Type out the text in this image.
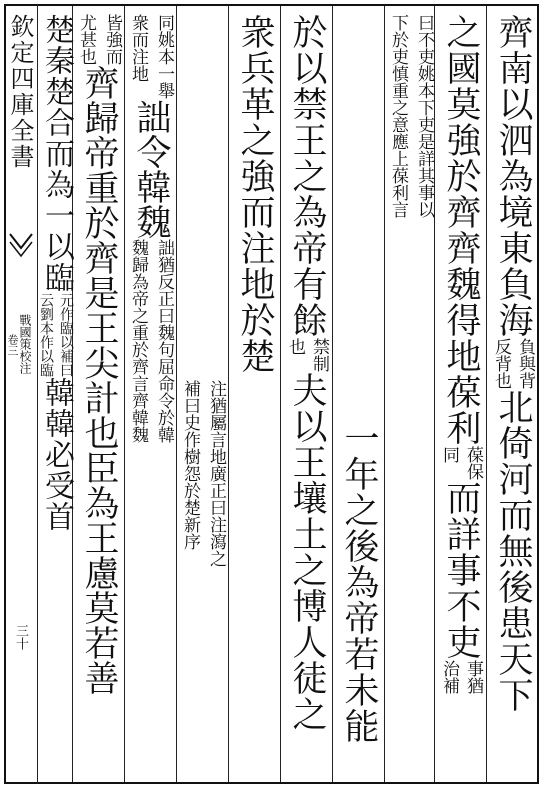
齊南以泗為境東負海
負與背
反背也
北倚河而無後患天下
之國莫強於齊齊魏得地葆利
葆保
同
而詳事不吏
事猶
治補
曰不吏姚本下吏是詳其事以
下於吏慎重之意應上葆利言
一年之後為帝若未能
於以禁王之為帝有餘
禁制
也
夫以王壤土之博人徒之
衆兵革之強而注地於楚
注猶屬言地廣正曰注瀉之
補曰史作樹怨於楚新序
同姚本一舉
衆而注地
詘令韓魏
詘猶反正曰魏句屈命令於韓
魏歸為帝之重於齊言齊韓魏
皆強而
尤甚也
齊歸帝重於齊是王尖計也臣為王慮莫若善
楚秦楚合而為一以臨
元作臨以補曰
云劉本作以臨
韓韓必受首
欽定四庫全書
戰國策校注
卷三
三十
